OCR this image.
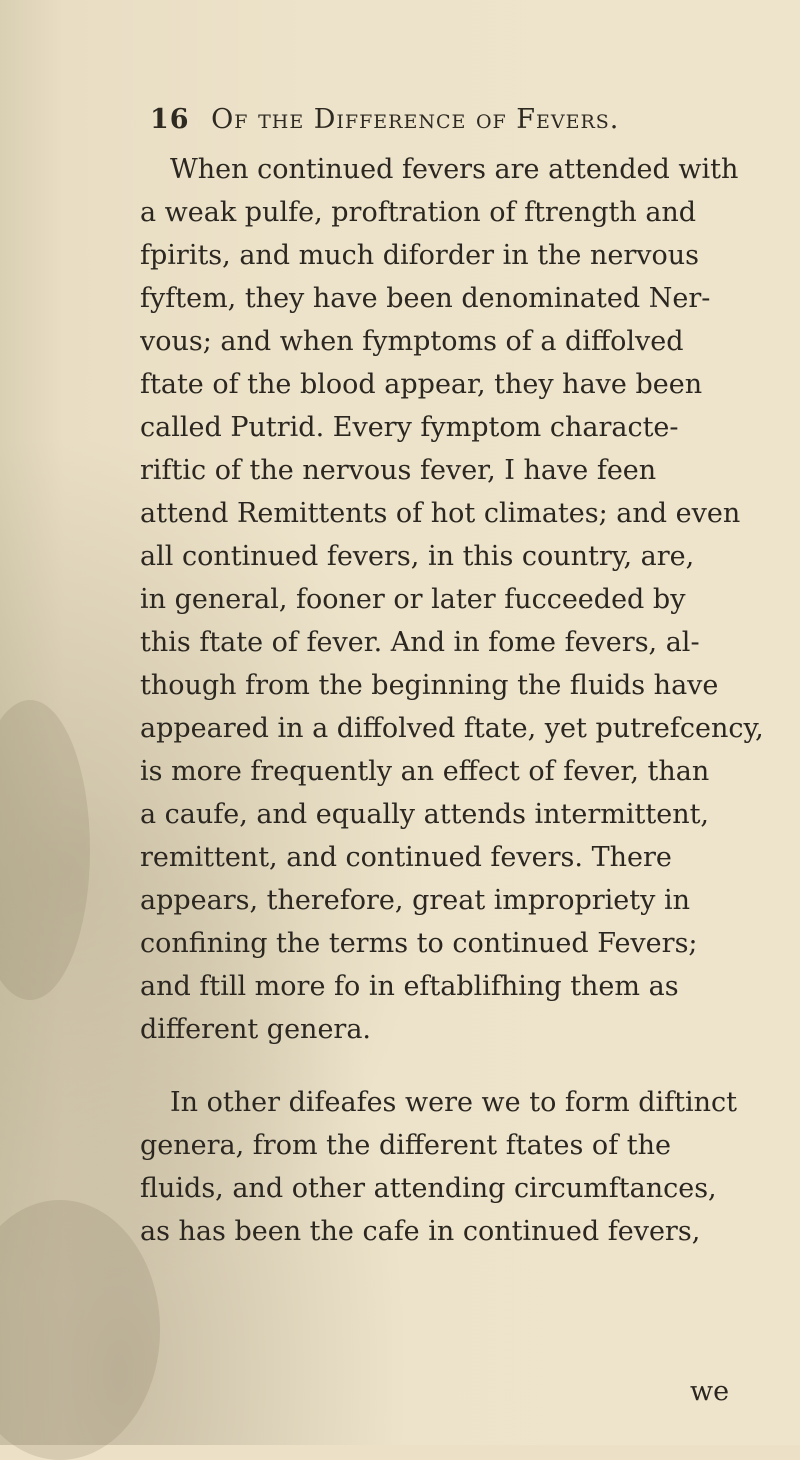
16 Of the Difference of Fevers.

When continued fevers are attended with
a weak pulfe, proftration of ftrength and
fpirits, and much diforder in the nervous
fyftem, they have been denominated Ner-
vous; and when fymptoms of a diffolved
ftate of the blood appear, they have been
called Putrid. Every fymptom characte-
riftic of the nervous fever, I have feen
attend Remittents of hot climates; and even
all continued fevers, in this country, are,
in general, fooner or later fucceeded by
this ftate of fever. And in fome fevers, al-
though from the beginning the fluids have
appeared in a diffolved ftate, yet putrefcency,
is more frequently an effect of fever, than
a caufe, and equally attends intermittent,
remittent, and continued fevers. There
appears, therefore, great impropriety in
confining the terms to continued Fevers;
and ftill more fo in eftablifhing them as
different genera.

In other difeafes were we to form diftinct
genera, from the different ftates of the
fluids, and other attending circumftances,
as has been the cafe in continued fevers,

we
